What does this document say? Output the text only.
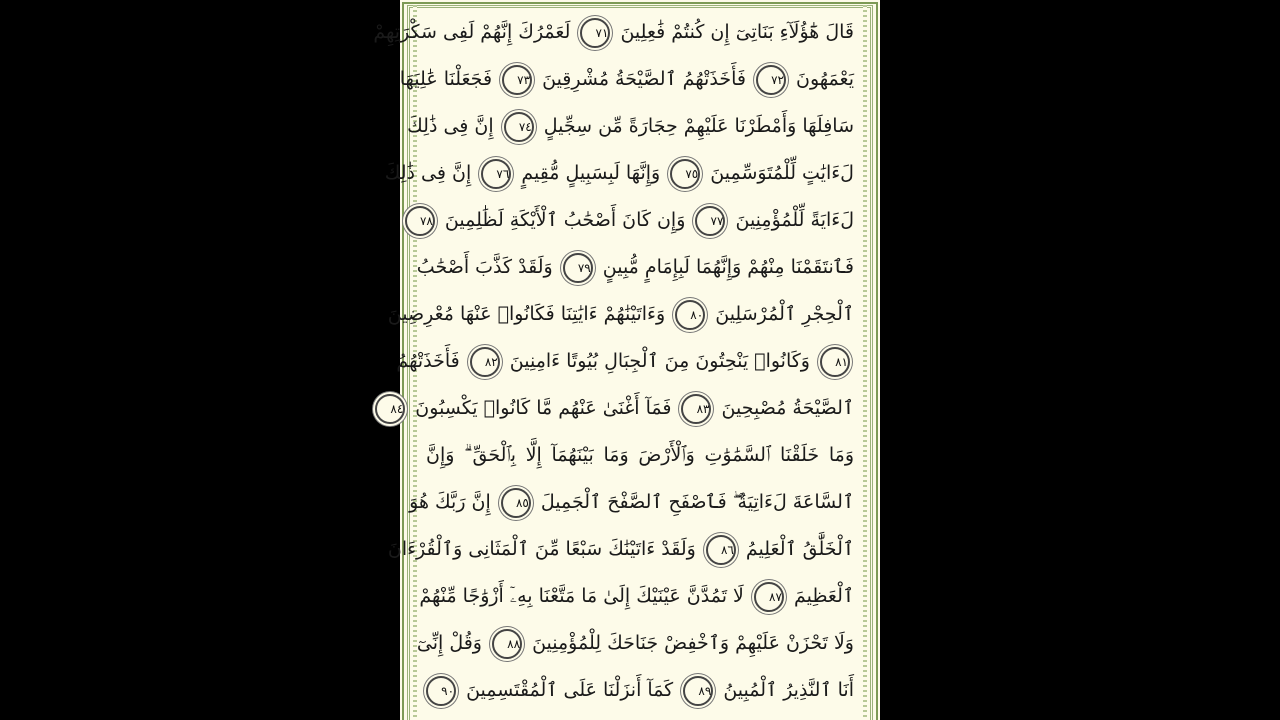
قَالَ هَٰٓؤُلَآءِ بَنَاتِىٓ إِن كُنتُمْ فَٰعِلِينَ ٧١ لَعَمْرُكَ إِنَّهُمْ لَفِى سَكْرَتِهِمْ
يَعْمَهُونَ ٧٢ فَأَخَذَتْهُمُ ٱلصَّيْحَةُ مُشْرِقِينَ ٧٣ فَجَعَلْنَا عَٰلِيَهَا
سَافِلَهَا وَأَمْطَرْنَا عَلَيْهِمْ حِجَارَةً مِّن سِجِّيلٍ ٧٤ إِنَّ فِى ذَٰلِكَ
لَءَايَٰتٍ لِّلْمُتَوَسِّمِينَ ٧٥ وَإِنَّهَا لَبِسَبِيلٍ مُّقِيمٍ ٧٦ إِنَّ فِى ذَٰلِكَ
لَءَايَةً لِّلْمُؤْمِنِينَ ٧٧ وَإِن كَانَ أَصْحَٰبُ ٱلْأَيْكَةِ لَظَٰلِمِينَ ٧٨
فَٱنتَقَمْنَا مِنْهُمْ وَإِنَّهُمَا لَبِإِمَامٍ مُّبِينٍ ٧٩ وَلَقَدْ كَذَّبَ أَصْحَٰبُ
ٱلْحِجْرِ ٱلْمُرْسَلِينَ ٨٠ وَءَاتَيْنَٰهُمْ ءَايَٰتِنَا فَكَانُوا۟ عَنْهَا مُعْرِضِينَ
٨١ وَكَانُوا۟ يَنْحِتُونَ مِنَ ٱلْجِبَالِ بُيُوتًا ءَامِنِينَ ٨٢ فَأَخَذَتْهُمُ
ٱلصَّيْحَةُ مُصْبِحِينَ ٨٣ فَمَآ أَغْنَىٰ عَنْهُم مَّا كَانُوا۟ يَكْسِبُونَ ٨٤
وَمَا خَلَقْنَا ٱلسَّمَٰوَٰتِ وَٱلْأَرْضَ وَمَا بَيْنَهُمَآ إِلَّا بِٱلْحَقِّ ۗ وَإِنَّ
ٱلسَّاعَةَ لَءَاتِيَةٌ ۖ فَٱصْفَحِ ٱلصَّفْحَ ٱلْجَمِيلَ ٨٥ إِنَّ رَبَّكَ هُوَ
ٱلْخَلَّٰقُ ٱلْعَلِيمُ ٨٦ وَلَقَدْ ءَاتَيْنَٰكَ سَبْعًا مِّنَ ٱلْمَثَانِى وَٱلْقُرْءَانَ
ٱلْعَظِيمَ ٨٧ لَا تَمُدَّنَّ عَيْنَيْكَ إِلَىٰ مَا مَتَّعْنَا بِهِۦٓ أَزْوَٰجًا مِّنْهُمْ
وَلَا تَحْزَنْ عَلَيْهِمْ وَٱخْفِضْ جَنَاحَكَ لِلْمُؤْمِنِينَ ٨٨ وَقُلْ إِنِّىٓ
أَنَا ٱلنَّذِيرُ ٱلْمُبِينُ ٨٩ كَمَآ أَنزَلْنَا عَلَى ٱلْمُقْتَسِمِينَ ٩٠
